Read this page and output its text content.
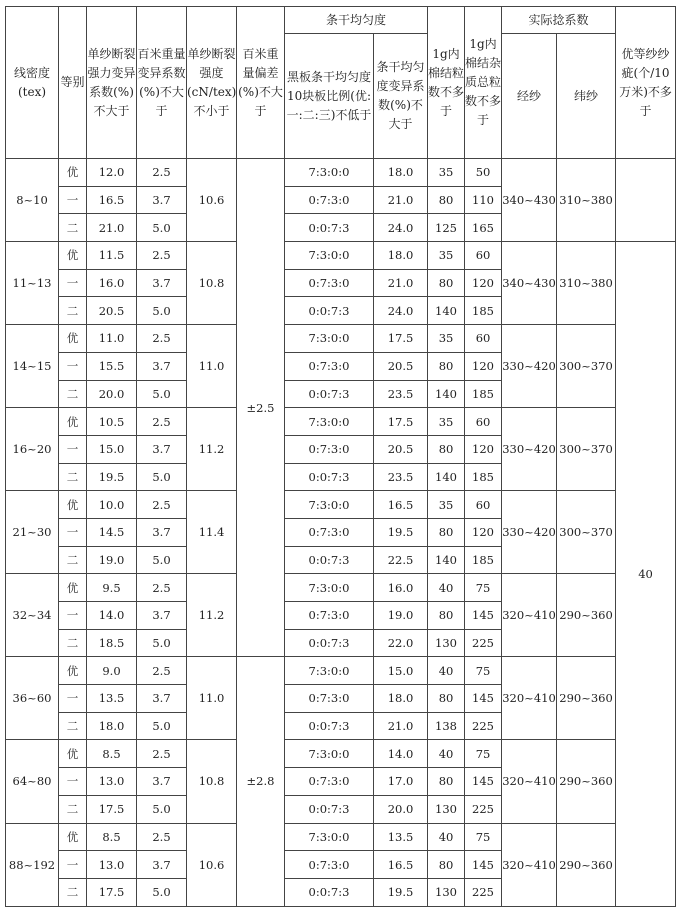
线密度(tex)	等别	单纱断裂强力变异系数(%)不大于	百米重量变异系数(%)不大于	单纱断裂强度(cN/tex)不小于	百米重量偏差(%)不大于	条干均匀度		1g内棉结粒数不多于	1g内棉结杂质总粒数不多于	实际捻系数		优等纱纱疵(个/10万米)不多于
						黑板条干均匀度10块板比例(优:一:二:三)不低于	条干均匀度变异系数(%)不大于			经纱	纬纱	
8~10	优	12.0	2.5	10.6	±2.5	7:3:0:0	18.0	35	50	340~430	310~380	
	一	16.5	3.7			0:7:3:0	21.0	80	110			
	二	21.0	5.0			0:0:7:3	24.0	125	165			
11~13	优	11.5	2.5	10.8		7:3:0:0	18.0	35	60	340~430	310~380	40
	一	16.0	3.7			0:7:3:0	21.0	80	120			
	二	20.5	5.0			0:0:7:3	24.0	140	185			
14~15	优	11.0	2.5	11.0		7:3:0:0	17.5	35	60	330~420	300~370	
	一	15.5	3.7			0:7:3:0	20.5	80	120			
	二	20.0	5.0			0:0:7:3	23.5	140	185			
16~20	优	10.5	2.5	11.2		7:3:0:0	17.5	35	60	330~420	300~370	
	一	15.0	3.7			0:7:3:0	20.5	80	120			
	二	19.5	5.0			0:0:7:3	23.5	140	185			
21~30	优	10.0	2.5	11.4		7:3:0:0	16.5	35	60	330~420	300~370	
	一	14.5	3.7			0:7:3:0	19.5	80	120			
	二	19.0	5.0			0:0:7:3	22.5	140	185			
32~34	优	9.5	2.5	11.2		7:3:0:0	16.0	40	75	320~410	290~360	
	一	14.0	3.7			0:7:3:0	19.0	80	145			
	二	18.5	5.0			0:0:7:3	22.0	130	225			
36~60	优	9.0	2.5	11.0	±2.8	7:3:0:0	15.0	40	75	320~410	290~360	
	一	13.5	3.7			0:7:3:0	18.0	80	145			
	二	18.0	5.0			0:0:7:3	21.0	138	225			
64~80	优	8.5	2.5	10.8		7:3:0:0	14.0	40	75	320~410	290~360	
	一	13.0	3.7			0:7:3:0	17.0	80	145			
	二	17.5	5.0			0:0:7:3	20.0	130	225			
88~192	优	8.5	2.5	10.6		7:3:0:0	13.5	40	75	320~410	290~360	
	一	13.0	3.7			0:7:3:0	16.5	80	145			
	二	17.5	5.0			0:0:7:3	19.5	130	225			
